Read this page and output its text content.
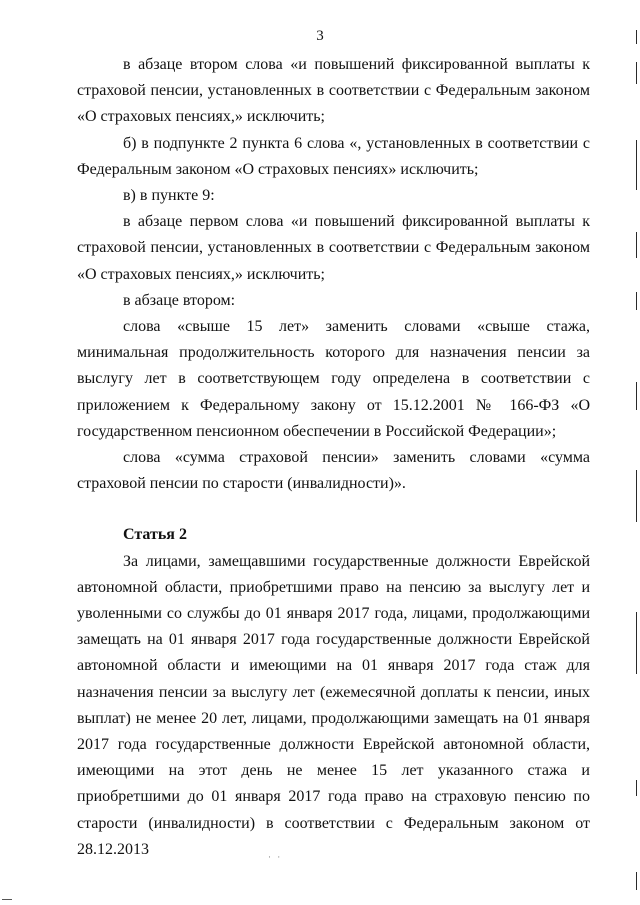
3

в абзаце втором слова «и повышений фиксированной выплаты к страховой пенсии, установленных в соответствии с Федеральным законом «О страховых пенсиях,» исключить;

б) в подпункте 2 пункта 6 слова «, установленных в соответствии с Федеральным законом «О страховых пенсиях» исключить;

в) в пункте 9:

в абзаце первом слова «и повышений фиксированной выплаты к страховой пенсии, установленных в соответствии с Федеральным законом «О страховых пенсиях,» исключить;

в абзаце втором:

слова «свыше 15 лет» заменить словами «свыше стажа, минимальная продолжительность которого для назначения пенсии за выслугу лет в соответствующем году определена в соответствии с приложением к Федеральному закону от 15.12.2001 № 166-ФЗ «О государственном пенсионном обеспечении в Российской Федерации»;

слова «сумма страховой пенсии» заменить словами «сумма страховой пенсии по старости (инвалидности)».

Статья 2

За лицами, замещавшими государственные должности Еврейской автономной области, приобретшими право на пенсию за выслугу лет и уволенными со службы до 01 января 2017 года, лицами, продолжающими замещать на 01 января 2017 года государственные должности Еврейской автономной области и имеющими на 01 января 2017 года стаж для назначения пенсии за выслугу лет (ежемесячной доплаты к пенсии, иных выплат) не менее 20 лет, лицами, продолжающими замещать на 01 января 2017 года государственные должности Еврейской автономной области, имеющими на этот день не менее 15 лет указанного стажа и приобретшими до 01 января 2017 года право на страховую пенсию по старости (инвалидности) в соответствии с Федеральным законом от 28.12.2013	· ·
